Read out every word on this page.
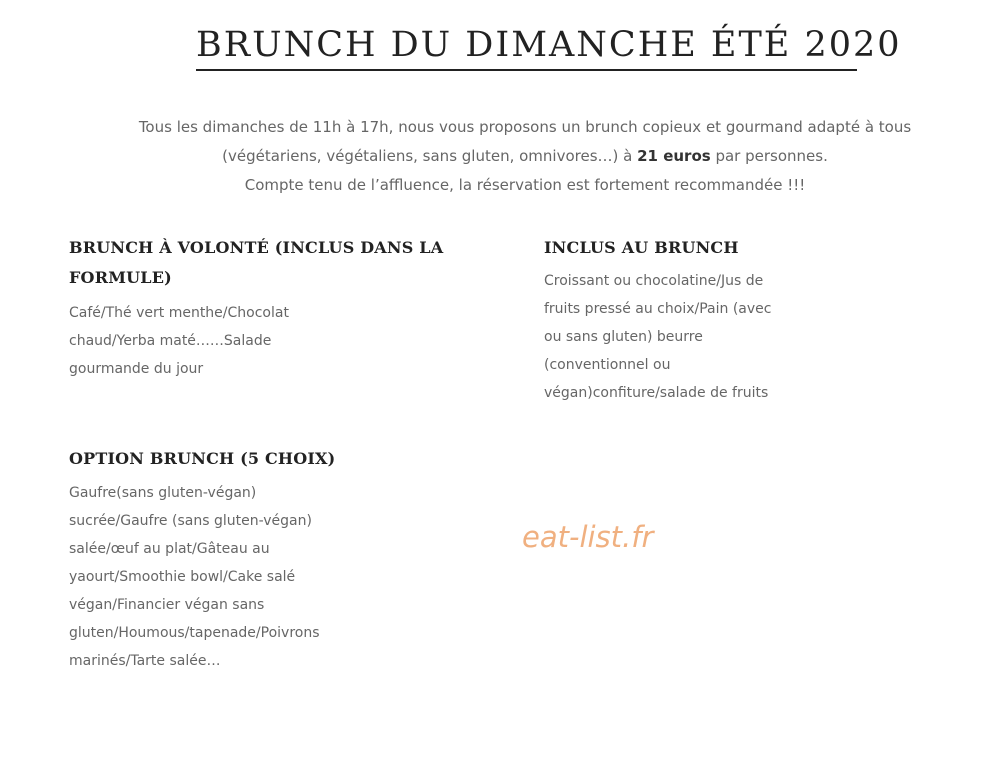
BRUNCH DU DIMANCHE ÉTÉ 2020

Tous les dimanches de 11h à 17h, nous vous proposons un brunch copieux et gourmand adapté à tous
(végétariens, végétaliens, sans gluten, omnivores…) à 21 euros par personnes.
Compte tenu de l’affluence, la réservation est fortement recommandée !!!

BRUNCH À VOLONTÉ (INCLUS DANS LA FORMULE)

Café/Thé vert menthe/Chocolat chaud/Yerba maté……Salade gourmande du jour

OPTION BRUNCH (5 CHOIX)

Gaufre(sans gluten-végan) sucrée/Gaufre (sans gluten-végan) salée/œuf au plat/Gâteau au yaourt/Smoothie bowl/Cake salé végan/Financier végan sans gluten/Houmous/tapenade/Poivrons marinés/Tarte salée…

INCLUS AU BRUNCH

Croissant ou chocolatine/Jus de fruits pressé au choix/Pain (avec ou sans gluten) beurre (conventionnel ou végan)confiture/salade de fruits

eat-list.fr
